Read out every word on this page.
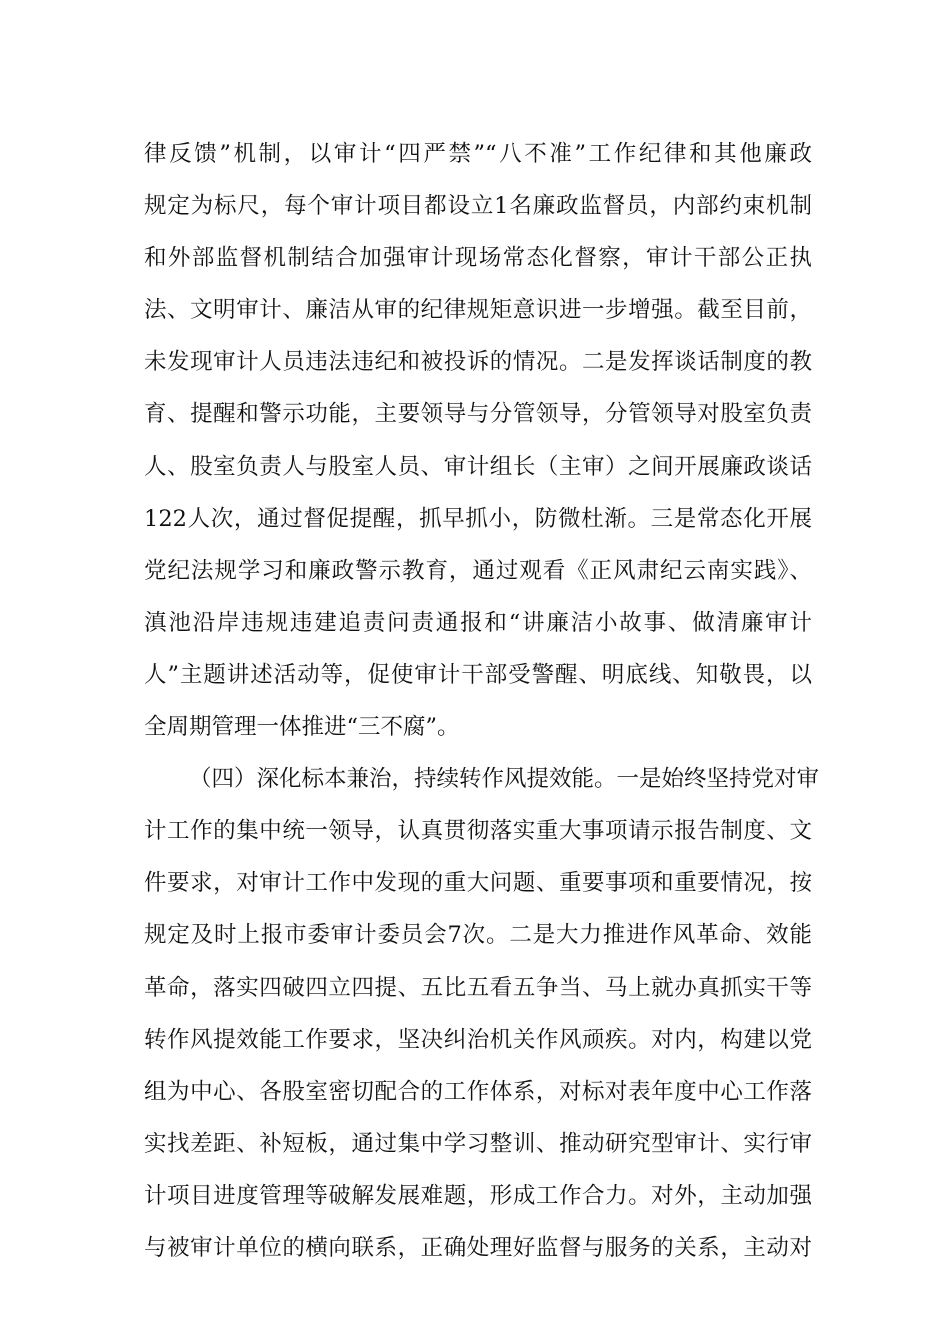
律反馈”机制，以审计“四严禁”“八不准”工作纪律和其他廉政
规定为标尺，每个审计项目都设立1名廉政监督员，内部约束机制
和外部监督机制结合加强审计现场常态化督察，审计干部公正执
法、文明审计、廉洁从审的纪律规矩意识进一步增强。截至目前，
未发现审计人员违法违纪和被投诉的情况。二是发挥谈话制度的教
育、提醒和警示功能，主要领导与分管领导，分管领导对股室负责
人、股室负责人与股室人员、审计组长（主审）之间开展廉政谈话
122人次，通过督促提醒，抓早抓小，防微杜渐。三是常态化开展
党纪法规学习和廉政警示教育，通过观看《正风肃纪云南实践》、
滇池沿岸违规违建追责问责通报和“讲廉洁小故事、做清廉审计
人”主题讲述活动等，促使审计干部受警醒、明底线、知敬畏，以
全周期管理一体推进“三不腐”。
（四）深化标本兼治，持续转作风提效能。一是始终坚持党对审
计工作的集中统一领导，认真贯彻落实重大事项请示报告制度、文
件要求，对审计工作中发现的重大问题、重要事项和重要情况，按
规定及时上报市委审计委员会7次。二是大力推进作风革命、效能
革命，落实四破四立四提、五比五看五争当、马上就办真抓实干等
转作风提效能工作要求，坚决纠治机关作风顽疾。对内，构建以党
组为中心、各股室密切配合的工作体系，对标对表年度中心工作落
实找差距、补短板，通过集中学习整训、推动研究型审计、实行审
计项目进度管理等破解发展难题，形成工作合力。对外，主动加强
与被审计单位的横向联系，正确处理好监督与服务的关系，主动对
